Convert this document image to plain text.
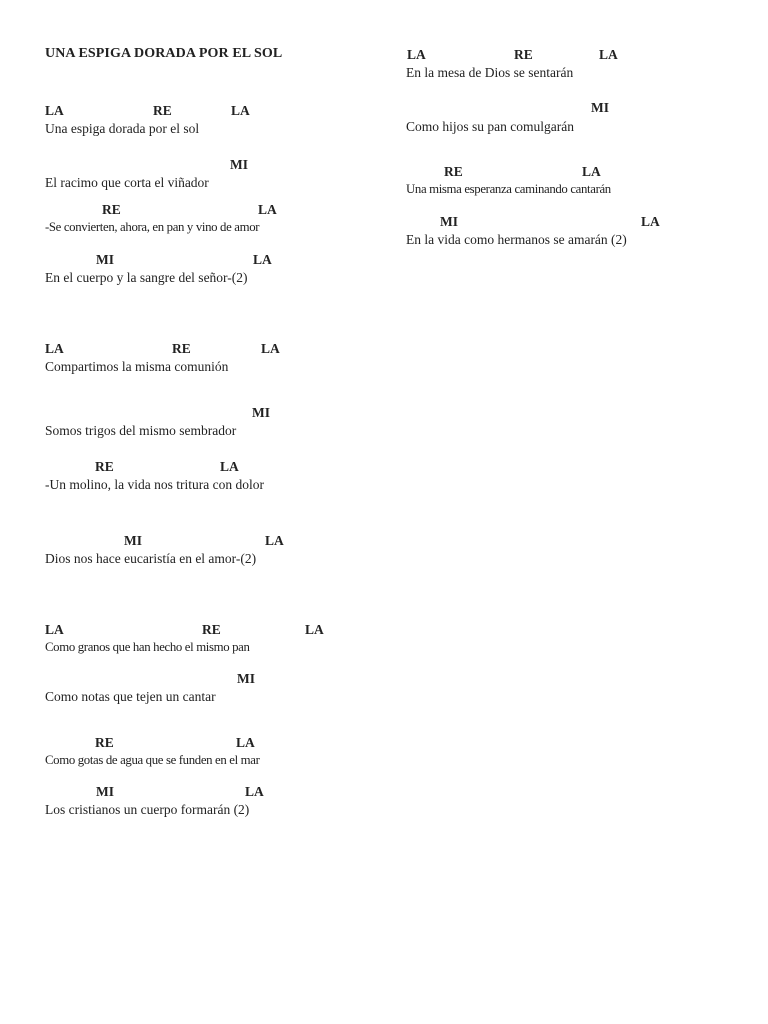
UNA ESPIGA DORADA POR EL SOL
LA	RE	LA
Una espiga dorada por el sol
MI
El racimo que corta el viñador
RE	LA
-Se convierten, ahora, en pan y vino de amor
MI	LA
En el cuerpo y la sangre del señor-(2)
LA	RE	LA
Compartimos la misma comunión
MI
Somos trigos del mismo sembrador
RE	LA
-Un molino, la vida nos tritura con dolor
MI	LA
Dios nos hace eucaristía en el amor-(2)
LA	RE	LA
Como granos que han hecho el mismo pan
MI
Como notas que tejen un cantar
RE	LA
Como gotas de agua que se funden en el mar
MI	LA
Los cristianos un cuerpo formarán (2)
LA	RE	LA
En la mesa de Dios se sentarán
MI
Como hijos su pan comulgarán
RE	LA
Una misma esperanza caminando cantarán
MI	LA
En la vida como hermanos se amarán (2)
